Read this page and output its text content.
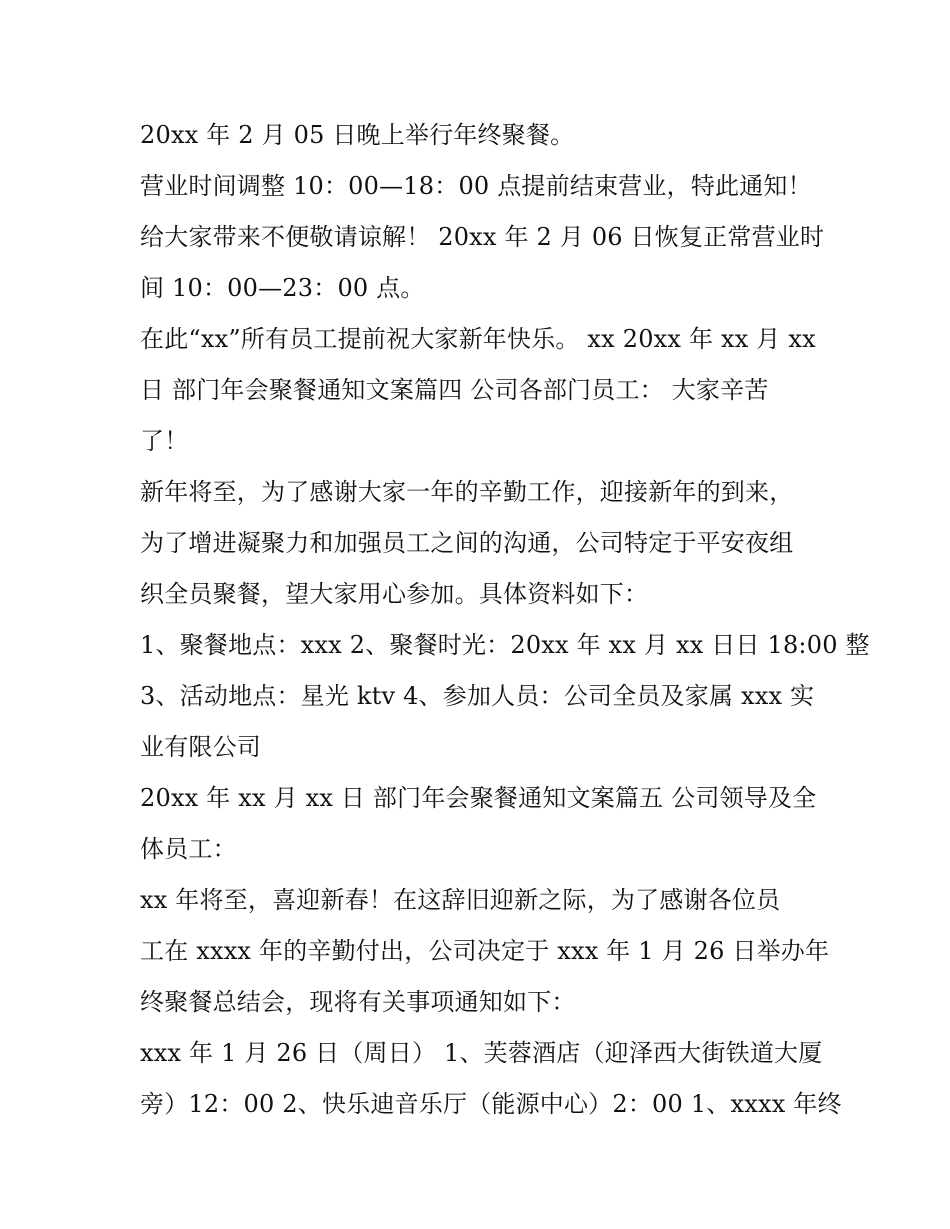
20xx 年 2 月 05 日晚上举行年终聚餐。
营业时间调整 10：00—18：00 点提前结束营业，特此通知！
给大家带来不便敬请谅解！ 20xx 年 2 月 06 日恢复正常营业时
间 10：00—23：00 点。
在此“xx”所有员工提前祝大家新年快乐。 xx 20xx 年 xx 月 xx
日 部门年会聚餐通知文案篇四 公司各部门员工： 大家辛苦
了！
新年将至，为了感谢大家一年的辛勤工作，迎接新年的到来，
为了增进凝聚力和加强员工之间的沟通，公司特定于平安夜组
织全员聚餐，望大家用心参加。具体资料如下：
1、聚餐地点：xxx 2、聚餐时光：20xx 年 xx 月 xx 日日 18:00 整
3、活动地点：星光 ktv 4、参加人员：公司全员及家属 xxx 实
业有限公司
20xx 年 xx 月 xx 日 部门年会聚餐通知文案篇五 公司领导及全
体员工：
xx 年将至，喜迎新春！在这辞旧迎新之际，为了感谢各位员
工在 xxxx 年的辛勤付出，公司决定于 xxx 年 1 月 26 日举办年
终聚餐总结会，现将有关事项通知如下：
xxx 年 1 月 26 日（周日） 1、芙蓉酒店（迎泽西大街铁道大厦
旁）12：00 2、快乐迪音乐厅（能源中心）2：00 1、xxxx 年终
